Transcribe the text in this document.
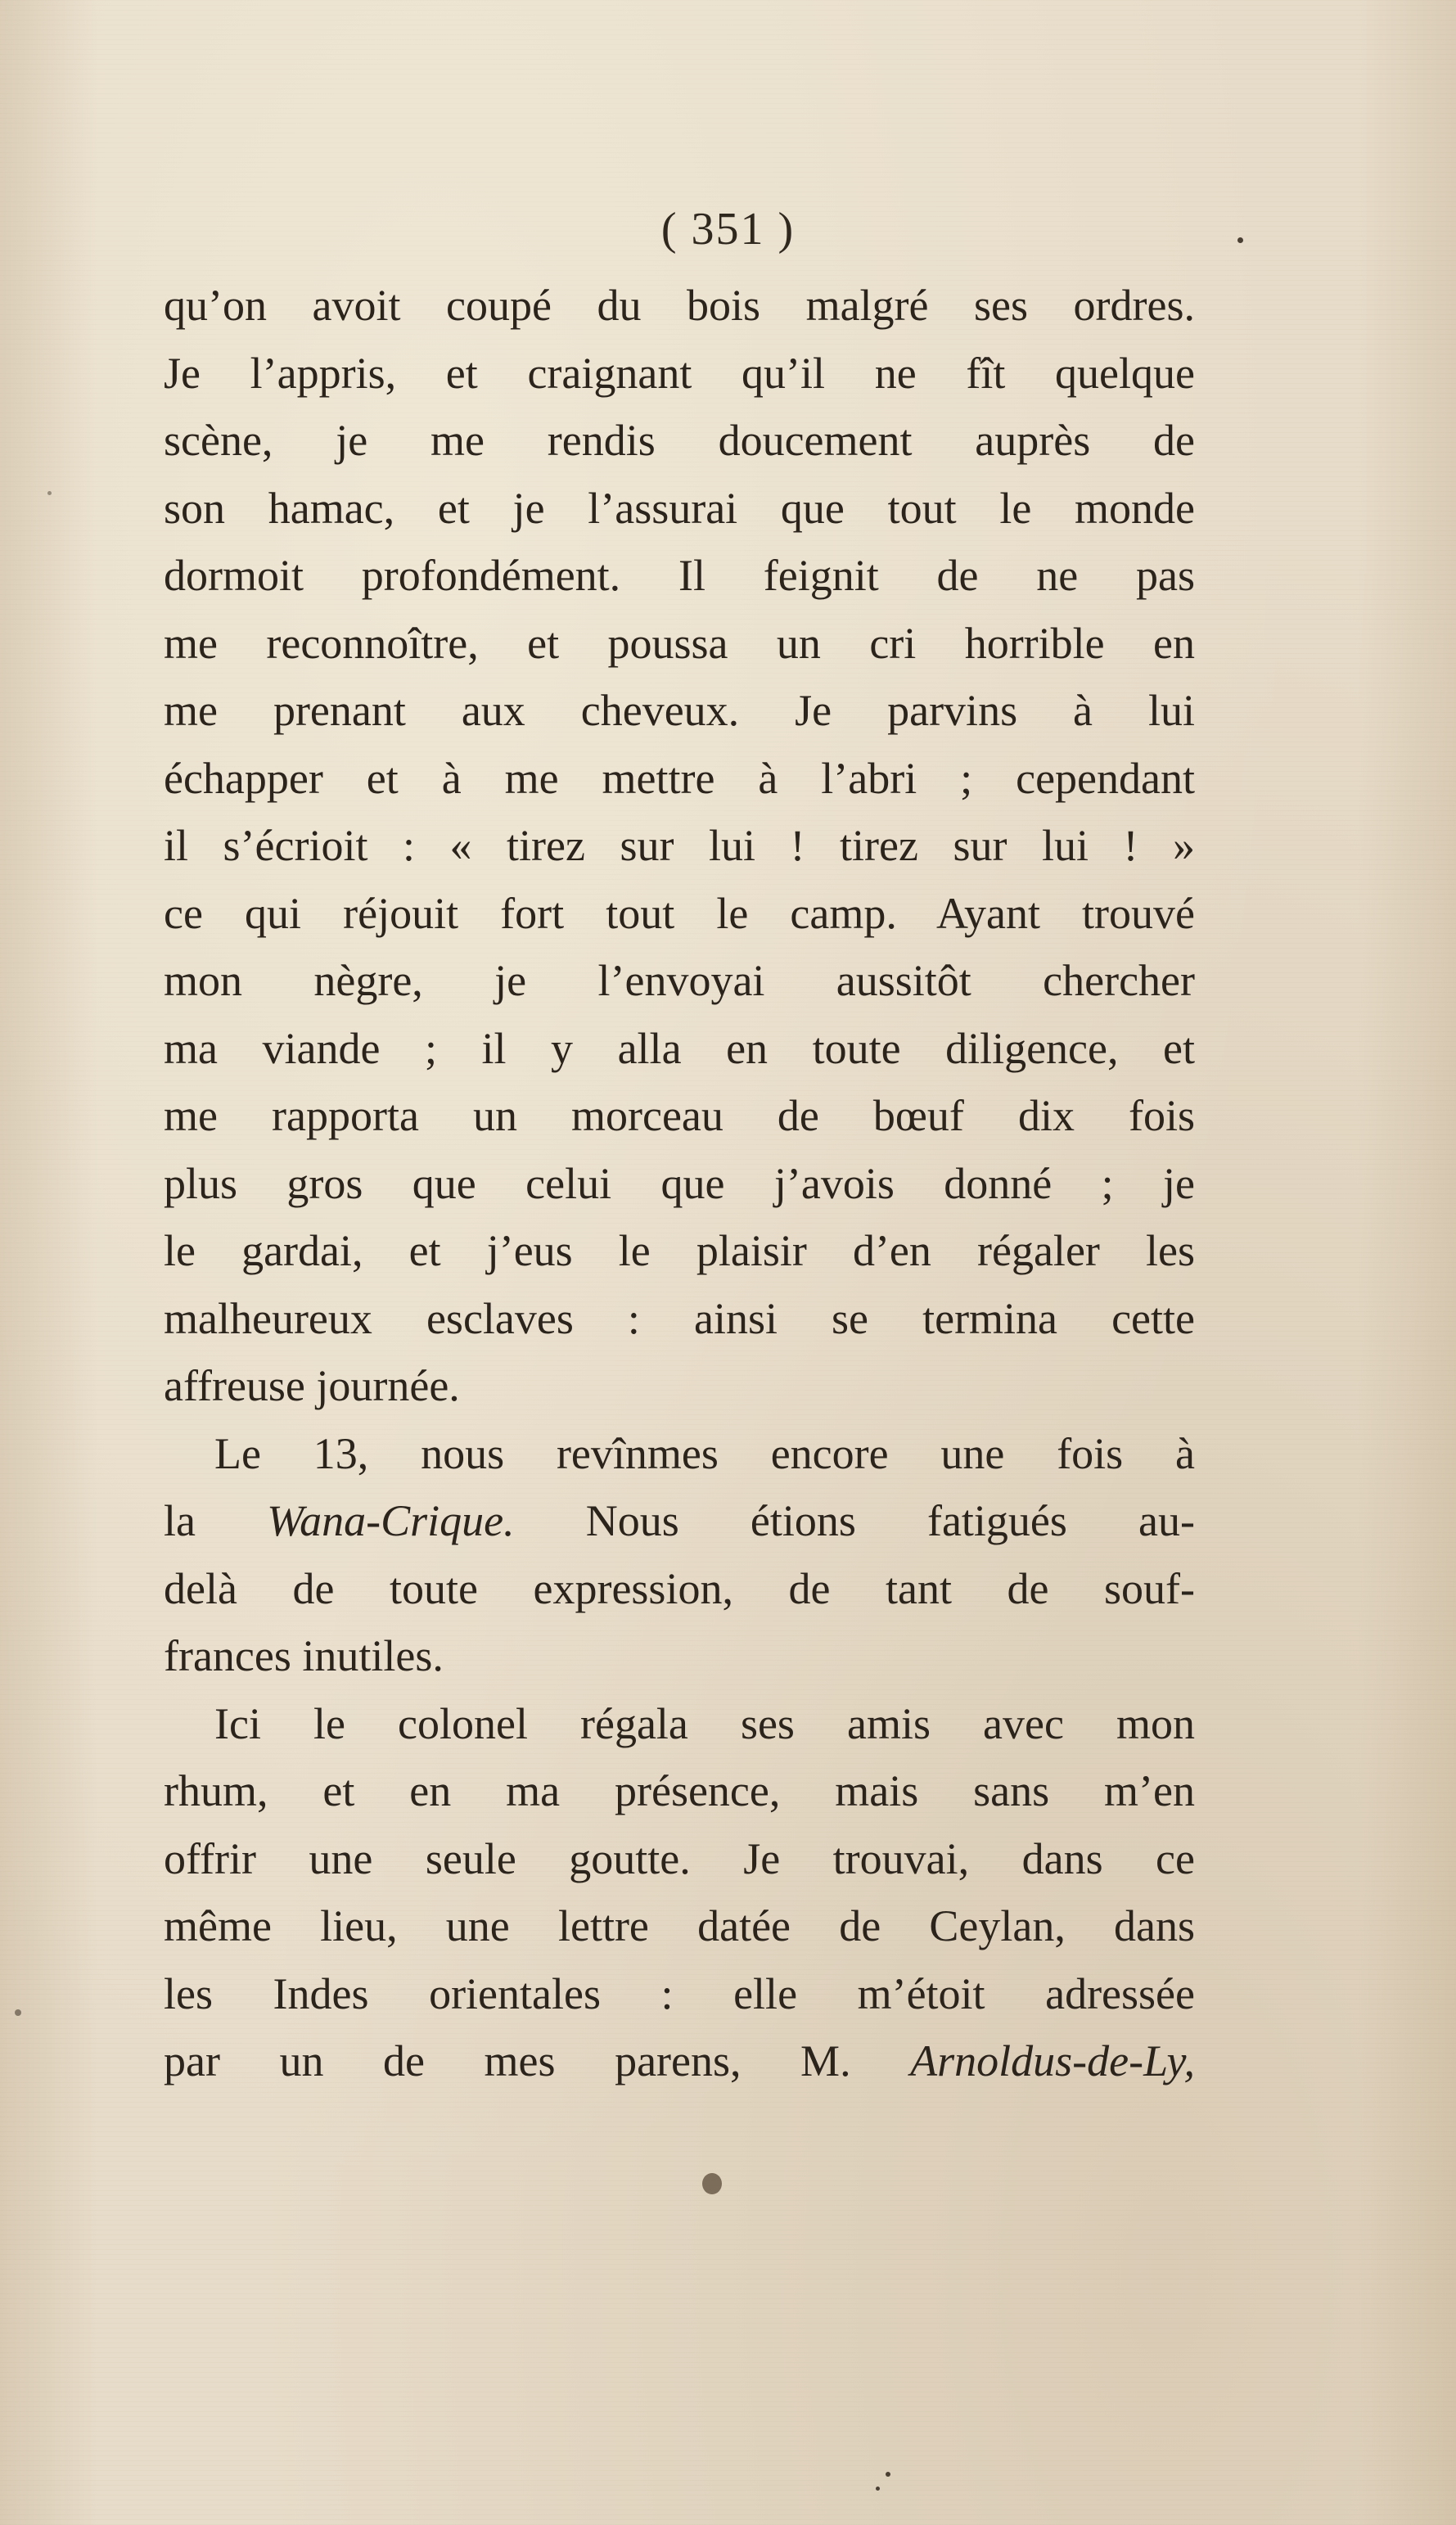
( 351 )
qu’on avoit coupé du bois malgré ses ordres.
Je l’appris, et craignant qu’il ne fît quelque
scène, je me rendis doucement auprès de
son hamac, et je l’assurai que tout le monde
dormoit profondément. Il feignit de ne pas
me reconnoître, et poussa un cri horrible en
me prenant aux cheveux. Je parvins à lui
échapper et à me mettre à l’abri ; cependant
il s’écrioit : « tirez sur lui ! tirez sur lui ! »
ce qui réjouit fort tout le camp. Ayant trouvé
mon nègre, je l’envoyai aussitôt chercher
ma viande ; il y alla en toute diligence, et
me rapporta un morceau de bœuf dix fois
plus gros que celui que j’avois donné ; je
le gardai, et j’eus le plaisir d’en régaler les
malheureux esclaves : ainsi se termina cette
affreuse journée.
Le 13, nous revînmes encore une fois à
la Wana-Crique. Nous étions fatigués au-
delà de toute expression, de tant de souf-
frances inutiles.
Ici le colonel régala ses amis avec mon
rhum, et en ma présence, mais sans m’en
offrir une seule goutte. Je trouvai, dans ce
même lieu, une lettre datée de Ceylan, dans
les Indes orientales : elle m’étoit adressée
par un de mes parens, M. Arnoldus-de-Ly,
